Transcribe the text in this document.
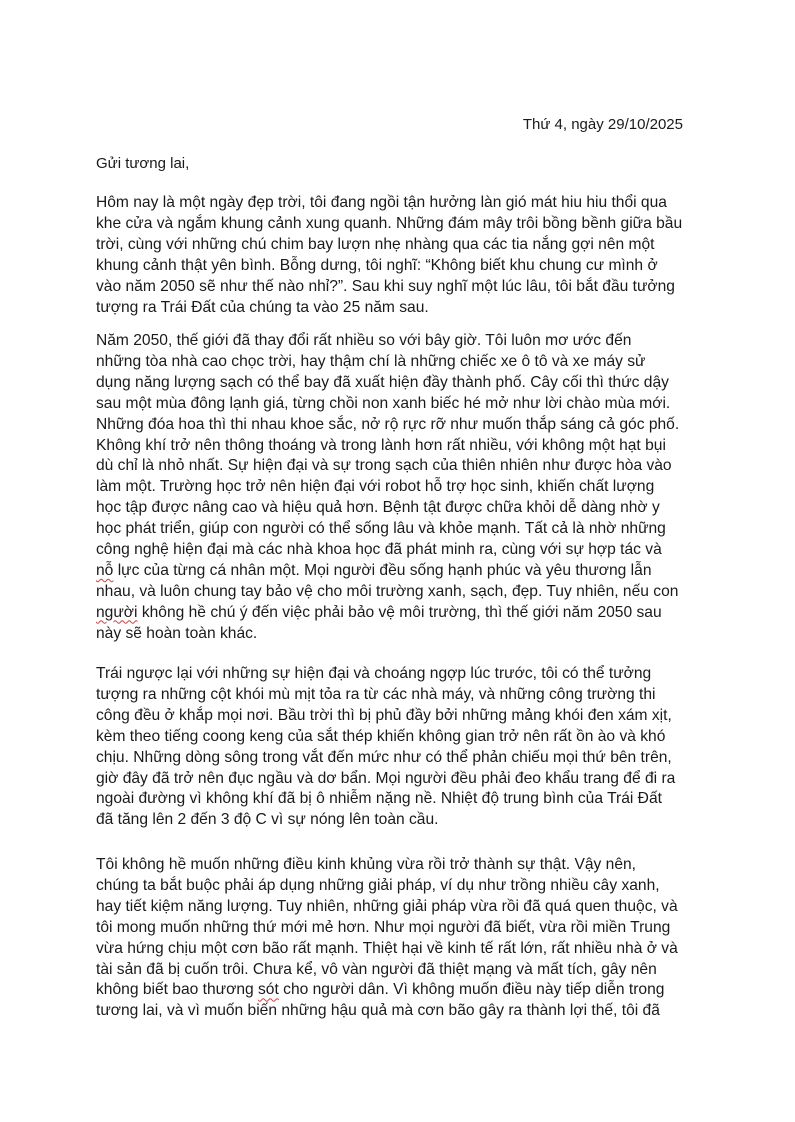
Thứ 4, ngày 29/10/2025
Gửi tương lai,
Hôm nay là một ngày đẹp trời, tôi đang ngồi tận hưởng làn gió mát hiu hiu thổi qua
khe cửa và ngắm khung cảnh xung quanh. Những đám mây trôi bồng bềnh giữa bầu
trời, cùng với những chú chim bay lượn nhẹ nhàng qua các tia nắng gợi nên một
khung cảnh thật yên bình. Bỗng dưng, tôi nghĩ: “Không biết khu chung cư mình ở
vào năm 2050 sẽ như thế nào nhỉ?”. Sau khi suy nghĩ một lúc lâu, tôi bắt đầu tưởng
tượng ra Trái Đất của chúng ta vào 25 năm sau.
Năm 2050, thế giới đã thay đổi rất nhiều so với bây giờ. Tôi luôn mơ ước đến
những tòa nhà cao chọc trời, hay thậm chí là những chiếc xe ô tô và xe máy sử
dụng năng lượng sạch có thể bay đã xuất hiện đầy thành phố. Cây cối thì thức dậy
sau một mùa đông lạnh giá, từng chồi non xanh biếc hé mở như lời chào mùa mới.
Những đóa hoa thì thi nhau khoe sắc, nở rộ rực rỡ như muốn thắp sáng cả góc phố.
Không khí trở nên thông thoáng và trong lành hơn rất nhiều, với không một hạt bụi
dù chỉ là nhỏ nhất. Sự hiện đại và sự trong sạch của thiên nhiên như được hòa vào
làm một. Trường học trở nên hiện đại với robot hỗ trợ học sinh, khiến chất lượng
học tập được nâng cao và hiệu quả hơn. Bệnh tật được chữa khỏi dễ dàng nhờ y
học phát triển, giúp con người có thể sống lâu và khỏe mạnh. Tất cả là nhờ những
công nghệ hiện đại mà các nhà khoa học đã phát minh ra, cùng với sự hợp tác và
nỗ lực của từng cá nhân một. Mọi người đều sống hạnh phúc và yêu thương lẫn
nhau, và luôn chung tay bảo vệ cho môi trường xanh, sạch, đẹp. Tuy nhiên, nếu con
người không hề chú ý đến việc phải bảo vệ môi trường, thì thế giới năm 2050 sau
này sẽ hoàn toàn khác.
Trái ngược lại với những sự hiện đại và choáng ngợp lúc trước, tôi có thể tưởng
tượng ra những cột khói mù mịt tỏa ra từ các nhà máy, và những công trường thi
công đều ở khắp mọi nơi. Bầu trời thì bị phủ đầy bởi những mảng khói đen xám xịt,
kèm theo tiếng coong keng của sắt thép khiến không gian trở nên rất ồn ào và khó
chịu. Những dòng sông trong vắt đến mức như có thể phản chiếu mọi thứ bên trên,
giờ đây đã trở nên đục ngầu và dơ bẩn. Mọi người đều phải đeo khẩu trang để đi ra
ngoài đường vì không khí đã bị ô nhiễm nặng nề. Nhiệt độ trung bình của Trái Đất
đã tăng lên 2 đến 3 độ C vì sự nóng lên toàn cầu.
Tôi không hề muốn những điều kinh khủng vừa rồi trở thành sự thật. Vậy nên,
chúng ta bắt buộc phải áp dụng những giải pháp, ví dụ như trồng nhiều cây xanh,
hay tiết kiệm năng lượng. Tuy nhiên, những giải pháp vừa rồi đã quá quen thuộc, và
tôi mong muốn những thứ mới mẻ hơn. Như mọi người đã biết, vừa rồi miền Trung
vừa hứng chịu một cơn bão rất mạnh. Thiệt hại về kinh tế rất lớn, rất nhiều nhà ở và
tài sản đã bị cuốn trôi. Chưa kể, vô vàn người đã thiệt mạng và mất tích, gây nên
không biết bao thương sót cho người dân. Vì không muốn điều này tiếp diễn trong
tương lai, và vì muốn biến những hậu quả mà cơn bão gây ra thành lợi thế, tôi đã
